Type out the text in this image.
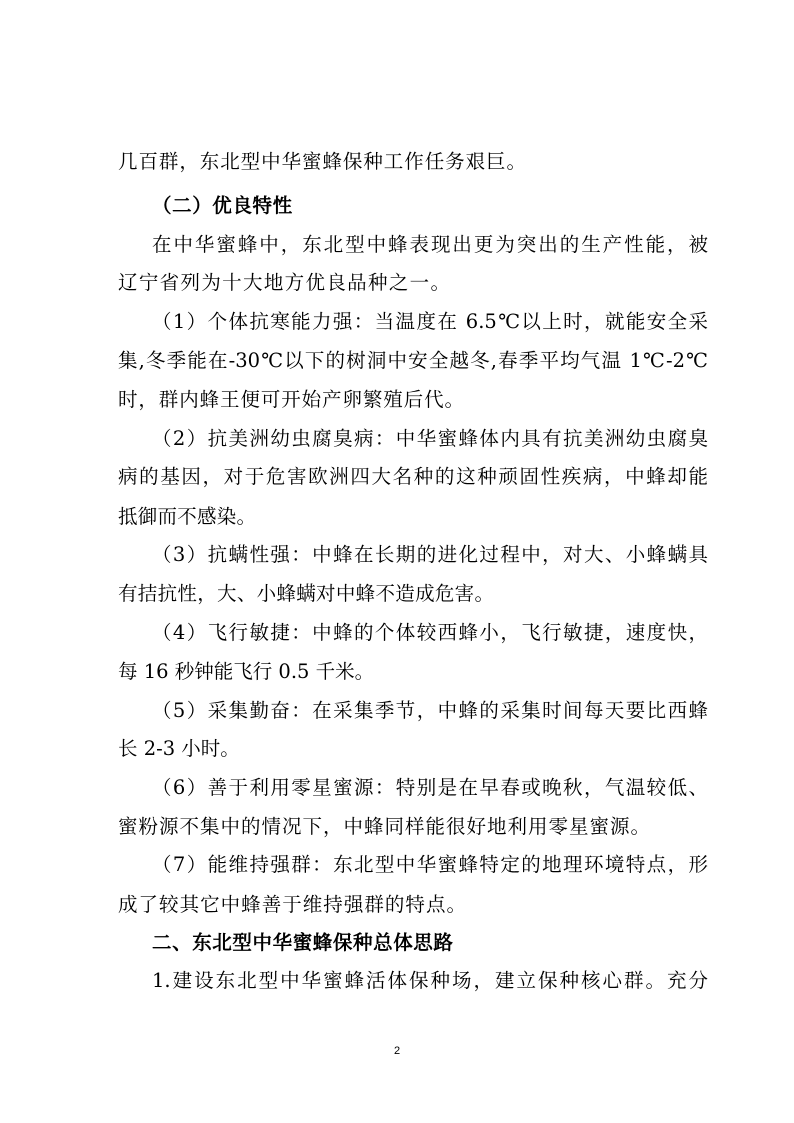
几百群，东北型中华蜜蜂保种工作任务艰巨。
（二）优良特性
在中华蜜蜂中，东北型中蜂表现出更为突出的生产性能，被
辽宁省列为十大地方优良品种之一。
（1）个体抗寒能力强：当温度在 6.5℃以上时，就能安全采
集,冬季能在-30℃以下的树洞中安全越冬,春季平均气温 1℃-2℃
时，群内蜂王便可开始产卵繁殖后代。
（2）抗美洲幼虫腐臭病：中华蜜蜂体内具有抗美洲幼虫腐臭
病的基因，对于危害欧洲四大名种的这种顽固性疾病，中蜂却能
抵御而不感染。
（3）抗螨性强：中蜂在长期的进化过程中，对大、小蜂螨具
有拮抗性，大、小蜂螨对中蜂不造成危害。
（4）飞行敏捷：中蜂的个体较西蜂小，飞行敏捷，速度快，
每 16 秒钟能飞行 0.5 千米。
（5）采集勤奋：在采集季节，中蜂的采集时间每天要比西蜂
长 2-3 小时。
（6）善于利用零星蜜源：特别是在早春或晚秋，气温较低、
蜜粉源不集中的情况下，中蜂同样能很好地利用零星蜜源。
（7）能维持强群：东北型中华蜜蜂特定的地理环境特点，形
成了较其它中蜂善于维持强群的特点。
二、东北型中华蜜蜂保种总体思路
1.建设东北型中华蜜蜂活体保种场，建立保种核心群。充分
2
